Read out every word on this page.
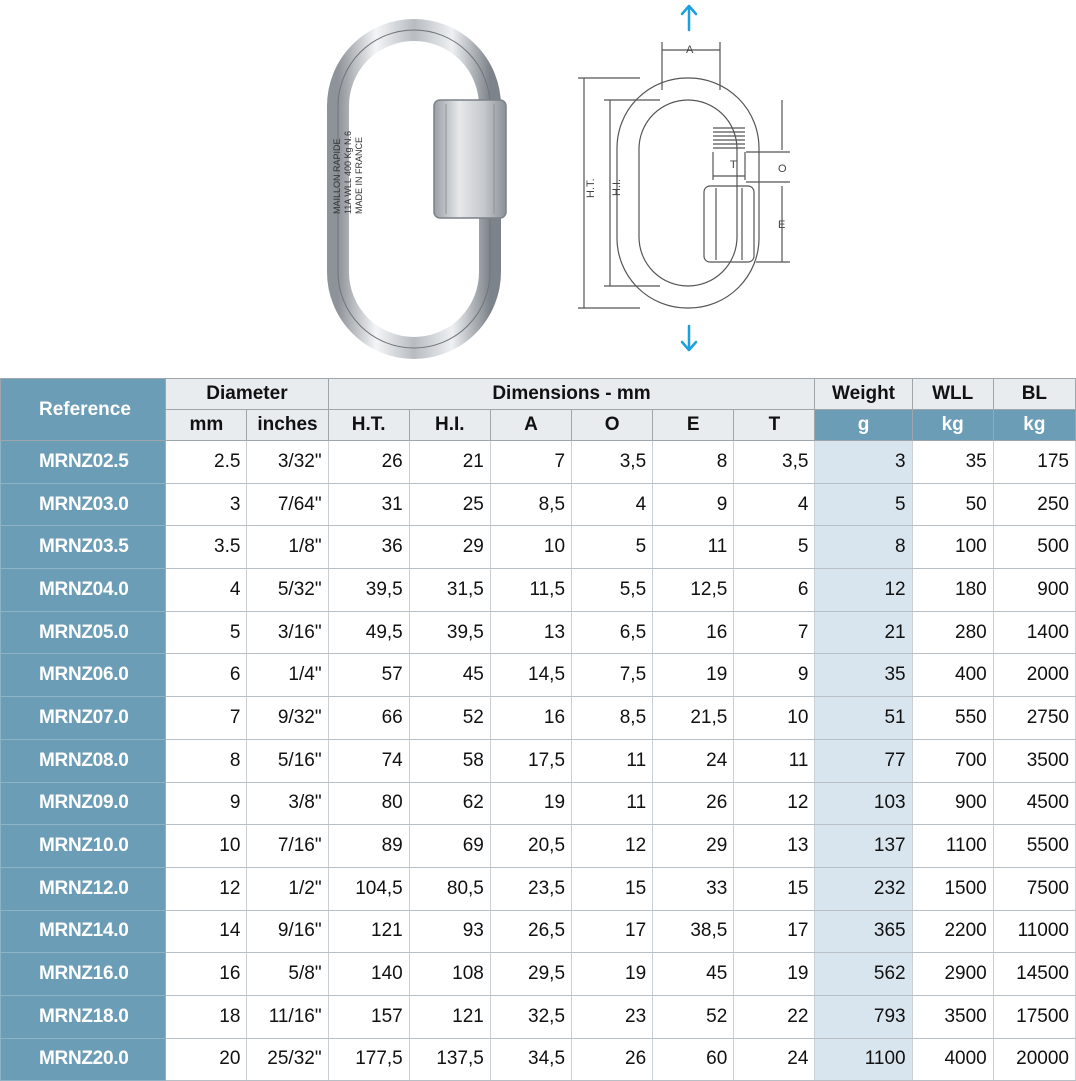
MAILLON RAPIDE 11A WLL 400 Kg N.6 MADE IN FRANCE
A
T	O
E
H.T. H.I.
Reference	Diameter		Dimensions - mm						Weight	WLL	BL
	mm	inches	H.T.	H.I.	A	O	E	T	g	kg	kg
MRNZ02.5	2.5	3/32"	26	21	7	3,5	8	3,5	3	35	175
MRNZ03.0	3	7/64"	31	25	8,5	4	9	4	5	50	250
MRNZ03.5	3.5	1/8"	36	29	10	5	11	5	8	100	500
MRNZ04.0	4	5/32"	39,5	31,5	11,5	5,5	12,5	6	12	180	900
MRNZ05.0	5	3/16"	49,5	39,5	13	6,5	16	7	21	280	1400
MRNZ06.0	6	1/4"	57	45	14,5	7,5	19	9	35	400	2000
MRNZ07.0	7	9/32"	66	52	16	8,5	21,5	10	51	550	2750
MRNZ08.0	8	5/16"	74	58	17,5	11	24	11	77	700	3500
MRNZ09.0	9	3/8"	80	62	19	11	26	12	103	900	4500
MRNZ10.0	10	7/16"	89	69	20,5	12	29	13	137	1100	5500
MRNZ12.0	12	1/2"	104,5	80,5	23,5	15	33	15	232	1500	7500
MRNZ14.0	14	9/16"	121	93	26,5	17	38,5	17	365	2200	11000
MRNZ16.0	16	5/8"	140	108	29,5	19	45	19	562	2900	14500
MRNZ18.0	18	11/16"	157	121	32,5	23	52	22	793	3500	17500
MRNZ20.0	20	25/32"	177,5	137,5	34,5	26	60	24	1100	4000	20000
